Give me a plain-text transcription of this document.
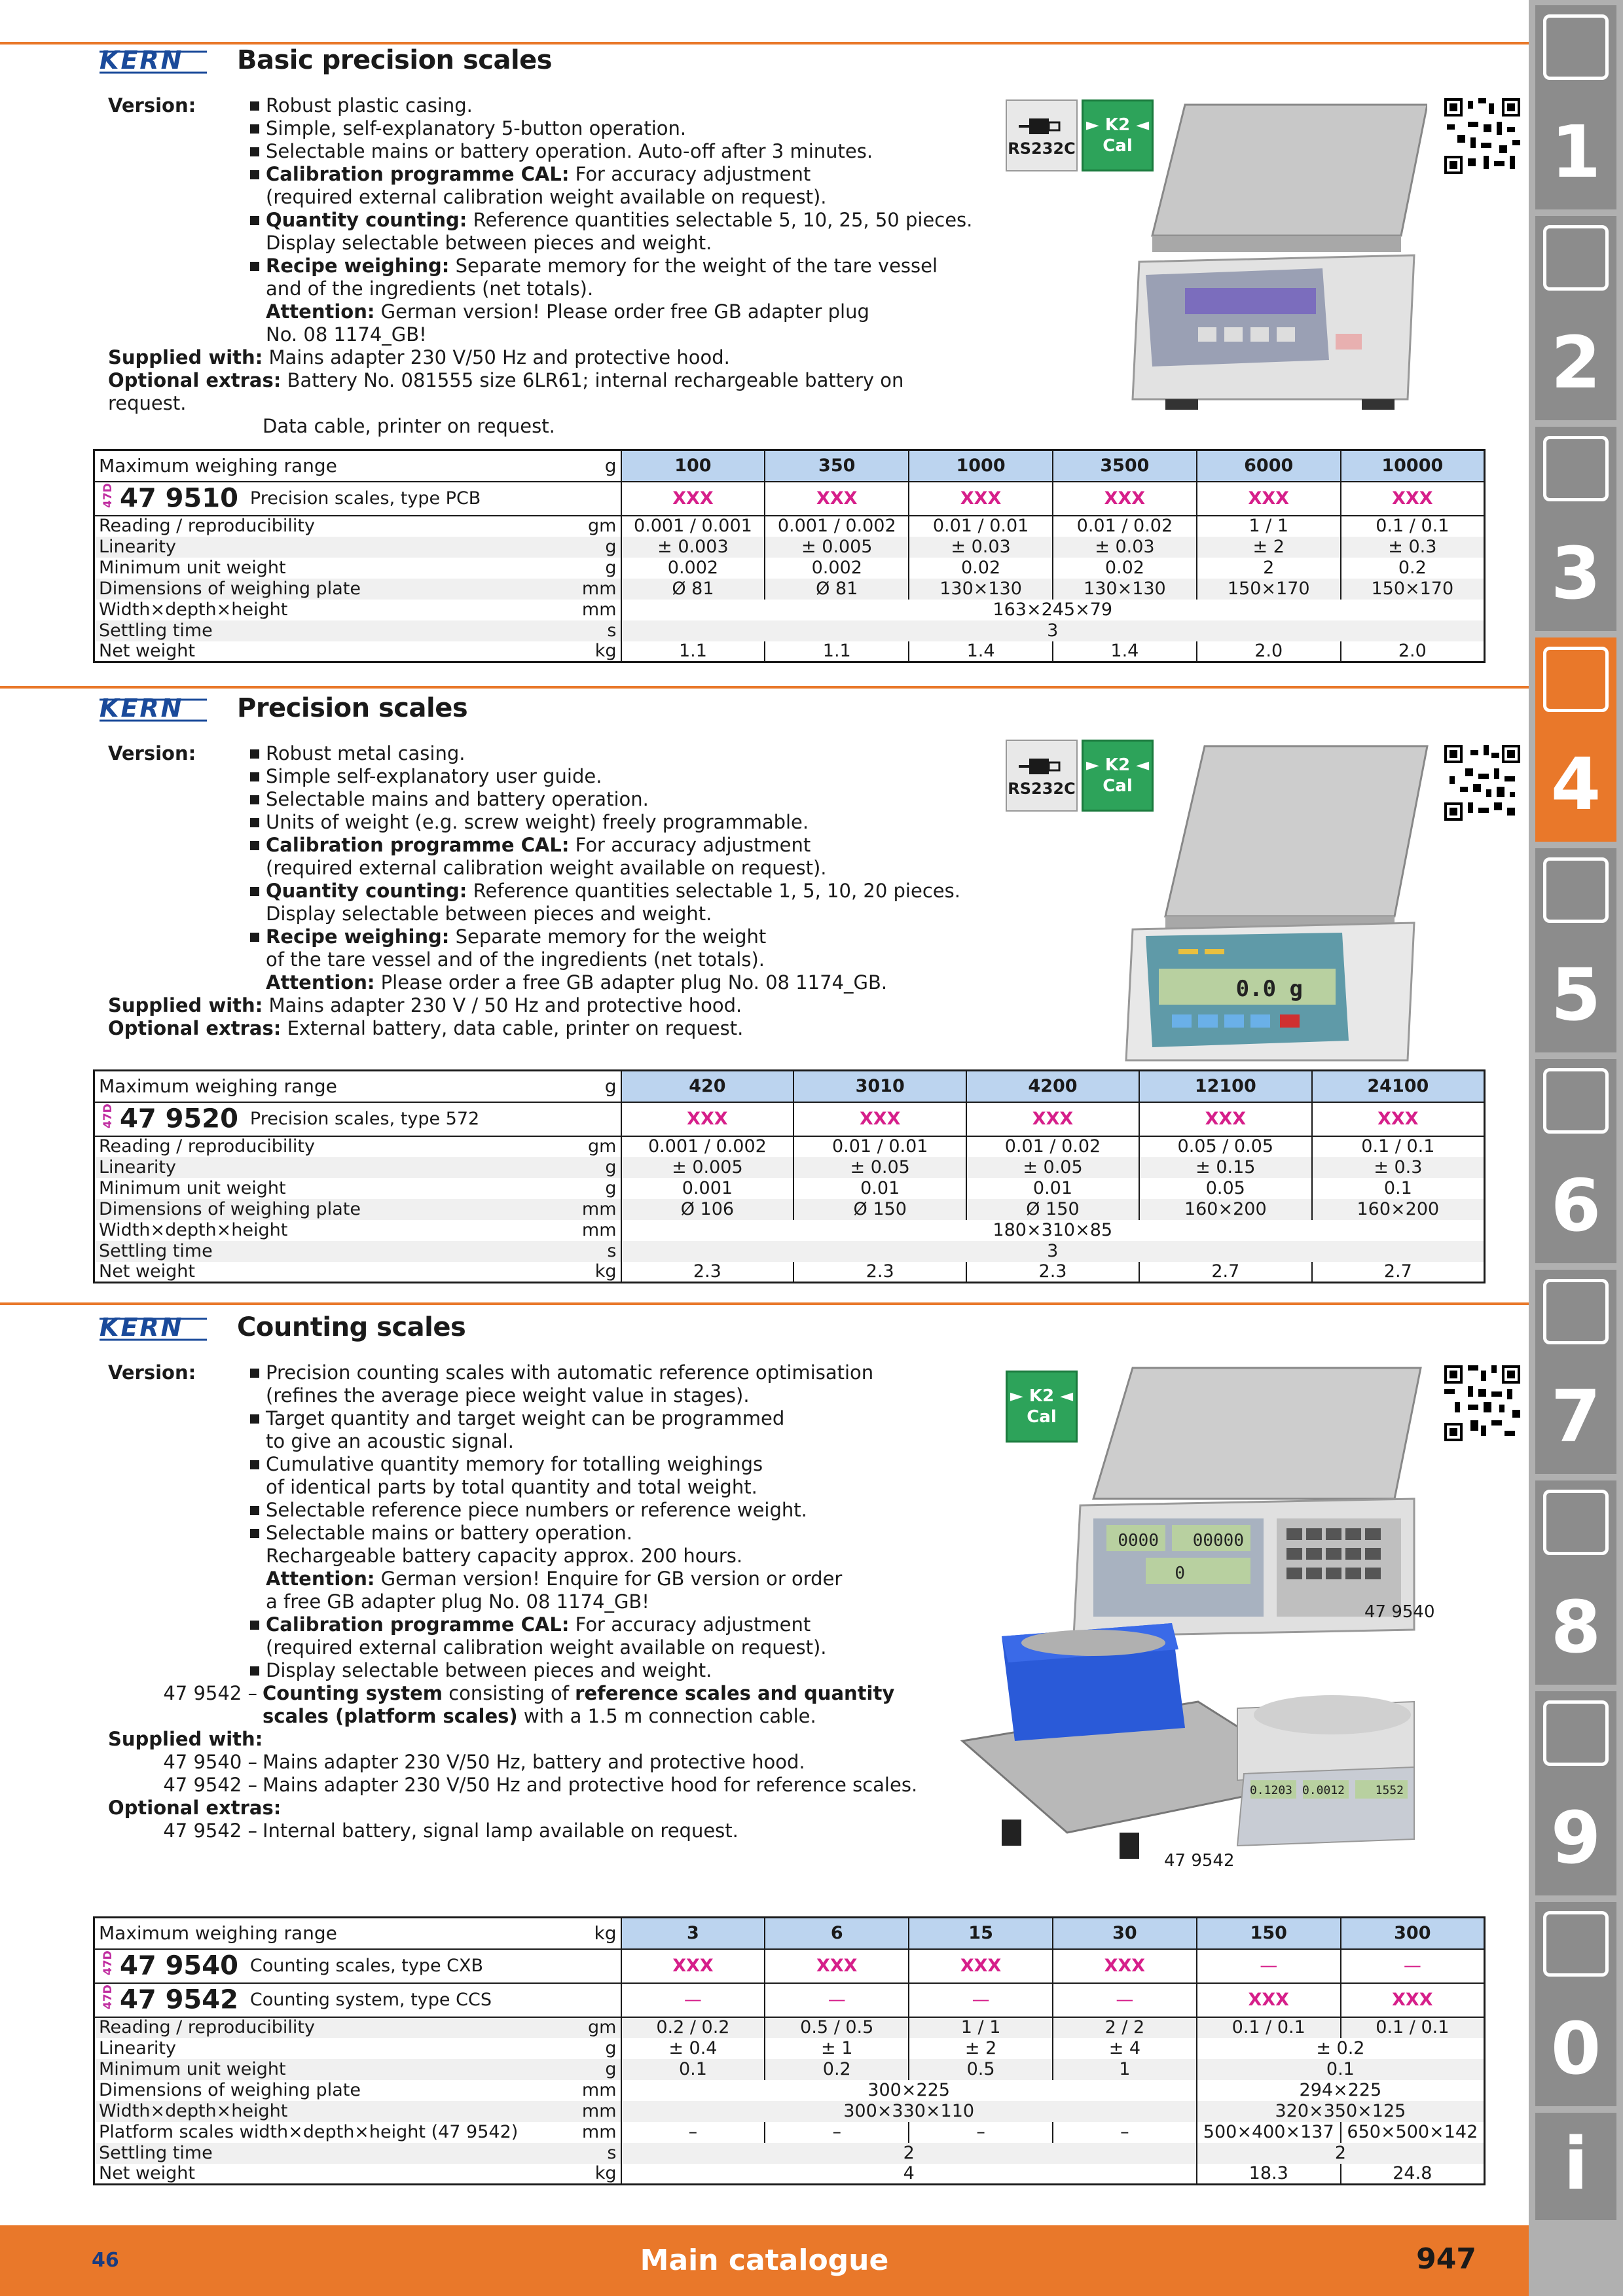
KERN Basic precision scales
Version:	Robust plastic casing.
Simple, self-explanatory 5-button operation.
Selectable mains or battery operation. Auto-off after 3 minutes.
Calibration programme CAL: For accuracy adjustment
(required external calibration weight available on request).
Quantity counting: Reference quantities selectable 5, 10, 25, 50 pieces.
Display selectable between pieces and weight.
Recipe weighing: Separate memory for the weight of the tare vessel
and of the ingredients (net totals).
Attention: German version! Please order free GB adapter plug
No. 08 1174_GB!
Supplied with: Mains adapter 230 V/50 Hz and protective hood.
Optional extras: Battery No. 081555 size 6LR61; internal rechargeable battery on request.
Data cable, printer on request.
RS232C
► K2 ◄
Cal
Maximum weighing range g	100	350	1000	3500	6000	10000
47D 47 9510 Precision scales, type PCB	XXX	XXX	XXX	XXX	XXX	XXX

Reading / reproducibility gm	0.001 / 0.001	0.001 / 0.002	0.01 / 0.01	0.01 / 0.02	1 / 1	0.1 / 0.1

Linearity g	± 0.003	± 0.005	± 0.03	± 0.03	± 2	± 0.3

Minimum unit weight g	0.002	0.002	0.02	0.02	2	0.2

Dimensions of weighing plate mm	Ø 81	Ø 81	130×130	130×130	150×170	150×170

Width×depth×height mm	163×245×79					

Settling time s	3					

Net weight kg	1.1	1.1	1.4	1.4	2.0	2.0
KERN Precision scales
Version:	Robust metal casing.
Simple self-explanatory user guide.
Selectable mains and battery operation.
Units of weight (e.g. screw weight) freely programmable.
Calibration programme CAL: For accuracy adjustment
(required external calibration weight available on request).
Quantity counting: Reference quantities selectable 1, 5, 10, 20 pieces.
Display selectable between pieces and weight.
Recipe weighing: Separate memory for the weight
of the tare vessel and of the ingredients (net totals).
Attention: Please order a free GB adapter plug No. 08 1174_GB.
Supplied with: Mains adapter 230 V / 50 Hz and protective hood.
Optional extras: External battery, data cable, printer on request.
RS232C
► K2 ◄
Cal
0.0 g
Maximum weighing range g	420	3010	4200	12100	24100
47D 47 9520 Precision scales, type 572	XXX	XXX	XXX	XXX	XXX

Reading / reproducibility gm	0.001 / 0.002	0.01 / 0.01	0.01 / 0.02	0.05 / 0.05	0.1 / 0.1

Linearity g	± 0.005	± 0.05	± 0.05	± 0.15	± 0.3

Minimum unit weight g	0.001	0.01	0.01	0.05	0.1

Dimensions of weighing plate mm	Ø 106	Ø 150	Ø 150	160×200	160×200

Width×depth×height mm	180×310×85				

Settling time s	3				

Net weight kg	2.3	2.3	2.3	2.7	2.7
KERN Counting scales
Version:	Precision counting scales with automatic reference optimisation
(refines the average piece weight value in stages).
Target quantity and target weight can be programmed
to give an acoustic signal.
Cumulative quantity memory for totalling weighings
of identical parts by total quantity and total weight.
Selectable reference piece numbers or reference weight.
Selectable mains or battery operation.
Rechargeable battery capacity approx. 200 hours.
Attention: German version! Enquire for GB version or order
a free GB adapter plug No. 08 1174_GB!
Calibration programme CAL: For accuracy adjustment
(required external calibration weight available on request).
Display selectable between pieces and weight.
47 9542 – Counting system consisting of reference scales and quantity
scales (platform scales) with a 1.5 m connection cable.
Supplied with:
47 9540 – Mains adapter 230 V/50 Hz, battery and protective hood.
47 9542 – Mains adapter 230 V/50 Hz and protective hood for reference scales.
Optional extras:
47 9542 – Internal battery, signal lamp available on request.
► K2 ◄
Cal
0000 00000
0
0.1203 0.0012	1552
47 9540
47 9542
Maximum weighing range kg	3	6	15	30	150	300
47D 47 9540 Counting scales, type CXB	XXX	XXX	XXX	XXX	—	—
47D 47 9542 Counting system, type CCS	—	—	—	—	XXX	XXX

Reading / reproducibility gm	0.2 / 0.2	0.5 / 0.5	1 / 1	2 / 2	0.1 / 0.1	0.1 / 0.1

Linearity g	± 0.4	± 1	± 2	± 4	± 0.2	

Minimum unit weight g	0.1	0.2	0.5	1	0.1	

Dimensions of weighing plate mm	300×225				294×225	

Width×depth×height mm	300×330×110				320×350×125	

Platform scales width×depth×height (47 9542) mm	–	–	–	–	500×400×137	650×500×142

Settling time s	2				2	

Net weight kg	4				18.3	24.8
1
2
3
4
5
6
7
8
9
0
i
46	Main catalogue	947
